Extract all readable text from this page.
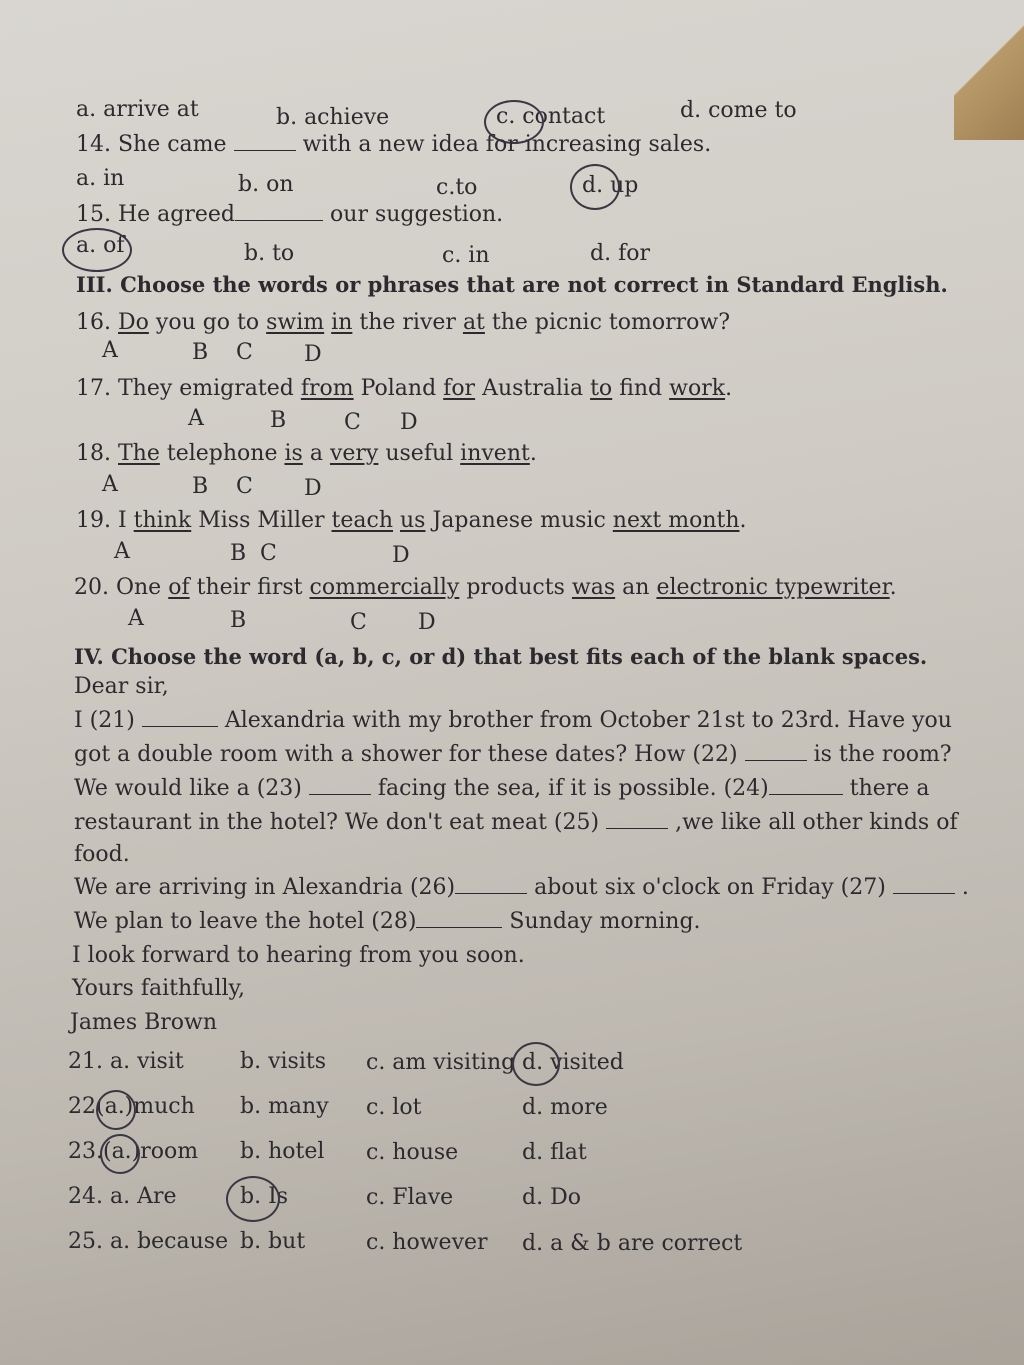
a. arrive at	b. achieve	c. contact	d. come to
14. She came	with a new idea for increasing sales.
a. in	b. on	c.to	d. up
15. He agreed	our suggestion.
a. of	b. to	c. in	d. for
III. Choose the words or phrases that are not correct in Standard English.
16. Do you go to swim in the river at the picnic tomorrow?
A	B C D
17. They emigrated from Poland for Australia to find work.
A	B	C D
18. The telephone is a very useful invent.
A	B C D
19. I think Miss Miller teach us Japanese music next month.
A	B C	D
20. One of their first commercially products was an electronic typewriter.
A	B	C D
IV. Choose the word (a, b, c, or d) that best fits each of the blank spaces.
Dear sir,
I (21)	Alexandria with my brother from October 21st to 23rd. Have you
got a double room with a shower for these dates? How (22)	is the room?
We would like a (23)	facing the sea, if it is possible. (24)	there a
restaurant in the hotel? We don't eat meat (25)	,we like all other kinds of
food.
We are arriving in Alexandria (26)	about six o'clock on Friday (27)	.
We plan to leave the hotel (28)	Sunday morning.
I look forward to hearing from you soon.
Yours faithfully,
James Brown
21. a. visit	b. visits c. am visiting d. visited
22(a.)much b. many c. lot	d. more
23.(a.)room b. hotel c. house	d. flat
24. a. Are	b. Is	c. Flave	d. Do
25. a. because b. but	c. however d. a & b are correct
